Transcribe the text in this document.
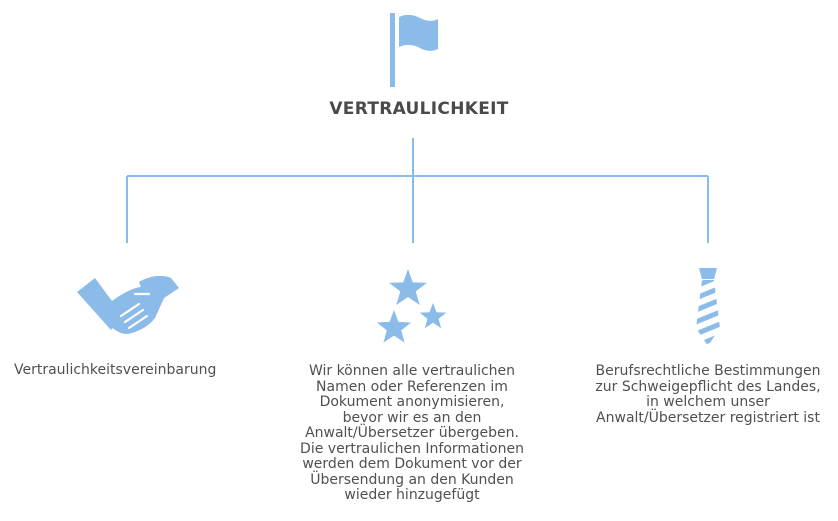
VERTRAULICHKEIT
Vertraulichkeitsvereinbarung	Wir können alle vertraulichen
Namen oder Referenzen im
Dokument anonymisieren,
bevor wir es an den
Anwalt/Übersetzer übergeben.
Die vertraulichen Informationen
werden dem Dokument vor der
Übersendung an den Kunden
wieder hinzugefügt
Berufsrechtliche Bestimmungen
zur Schweigepflicht des Landes,
in welchem unser
Anwalt/Übersetzer registriert ist
